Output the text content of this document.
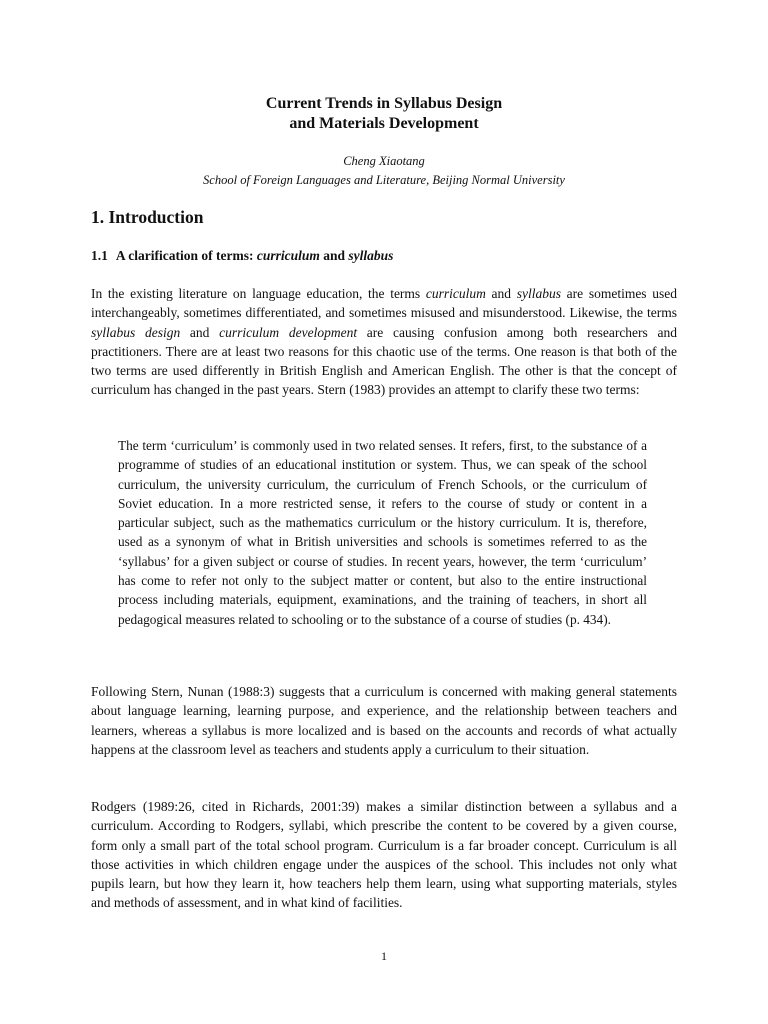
Current Trends in Syllabus Design
and Materials Development
Cheng Xiaotang
School of Foreign Languages and Literature, Beijing Normal University
1. Introduction
1.1 A clarification of terms: curriculum and syllabus

In the existing literature on language education, the terms curriculum and syllabus are sometimes used interchangeably, sometimes differentiated, and sometimes misused and misunderstood. Likewise, the terms syllabus design and curriculum development are causing confusion among both researchers and practitioners. There are at least two reasons for this chaotic use of the terms. One reason is that both of the two terms are used differently in British English and American English. The other is that the concept of curriculum has changed in the past years. Stern (1983) provides an attempt to clarify these two terms:

The term ‘curriculum’ is commonly used in two related senses. It refers, first, to the substance of a programme of studies of an educational institution or system. Thus, we can speak of the school curriculum, the university curriculum, the curriculum of French Schools, or the curriculum of Soviet education. In a more restricted sense, it refers to the course of study or content in a particular subject, such as the mathematics curriculum or the history curriculum. It is, therefore, used as a synonym of what in British universities and schools is sometimes referred to as the ‘syllabus’ for a given subject or course of studies. In recent years, however, the term ‘curriculum’ has come to refer not only to the subject matter or content, but also to the entire instructional process including materials, equipment, examinations, and the training of teachers, in short all pedagogical measures related to schooling or to the substance of a course of studies (p. 434).

Following Stern, Nunan (1988:3) suggests that a curriculum is concerned with making general statements about language learning, learning purpose, and experience, and the relationship between teachers and learners, whereas a syllabus is more localized and is based on the accounts and records of what actually happens at the classroom level as teachers and students apply a curriculum to their situation.

Rodgers (1989:26, cited in Richards, 2001:39) makes a similar distinction between a syllabus and a curriculum. According to Rodgers, syllabi, which prescribe the content to be covered by a given course, form only a small part of the total school program. Curriculum is a far broader concept. Curriculum is all those activities in which children engage under the auspices of the school. This includes not only what pupils learn, but how they learn it, how teachers help them learn, using what supporting materials, styles and methods of assessment, and in what kind of facilities.

1
